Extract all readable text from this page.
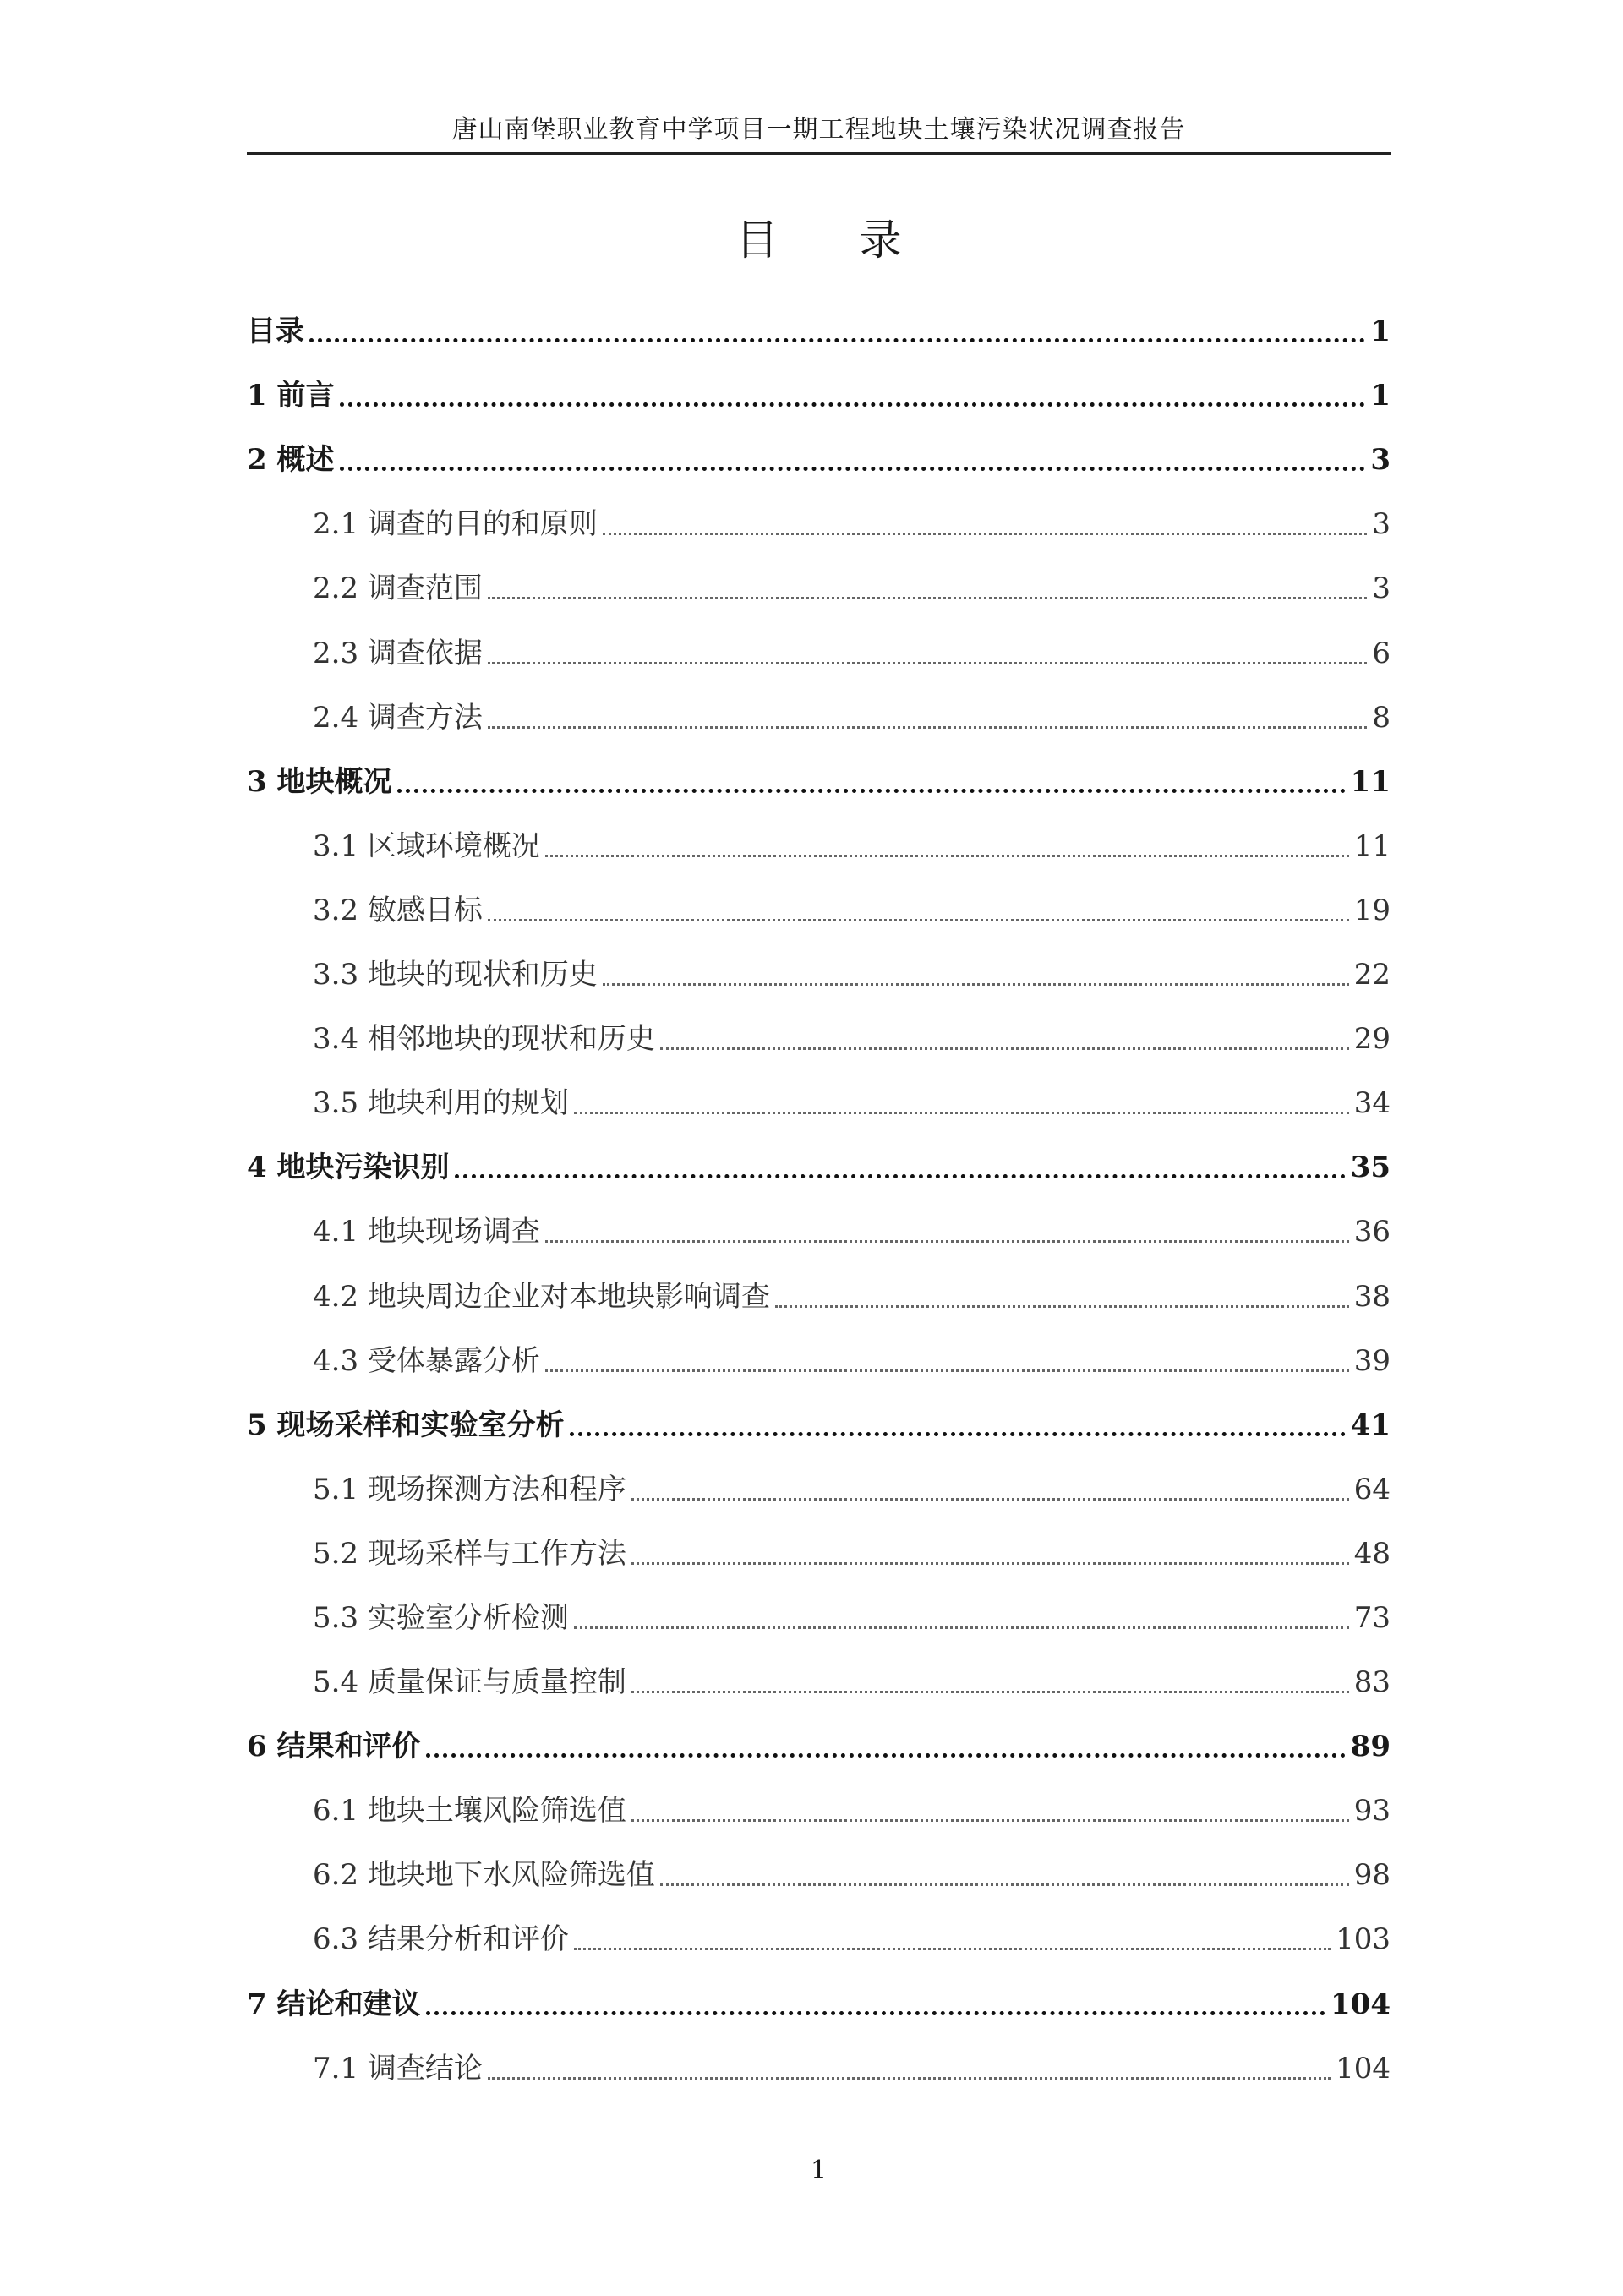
唐山南堡职业教育中学项目一期工程地块土壤污染状况调查报告
目 录
目录	1
1 前言	1
2 概述	3
2.1 调查的目的和原则	3
2.2 调查范围	3
2.3 调查依据	6
2.4 调查方法	8
3 地块概况	11
3.1 区域环境概况	11
3.2 敏感目标	19
3.3 地块的现状和历史	22
3.4 相邻地块的现状和历史	29
3.5 地块利用的规划	34
4 地块污染识别	35
4.1 地块现场调查	36
4.2 地块周边企业对本地块影响调查	38
4.3 受体暴露分析	39
5 现场采样和实验室分析	41
5.1 现场探测方法和程序	64
5.2 现场采样与工作方法	48
5.3 实验室分析检测	73
5.4 质量保证与质量控制	83
6 结果和评价	89
6.1 地块土壤风险筛选值	93
6.2 地块地下水风险筛选值	98
6.3 结果分析和评价	103
7 结论和建议	104
7.1 调查结论	104
1
